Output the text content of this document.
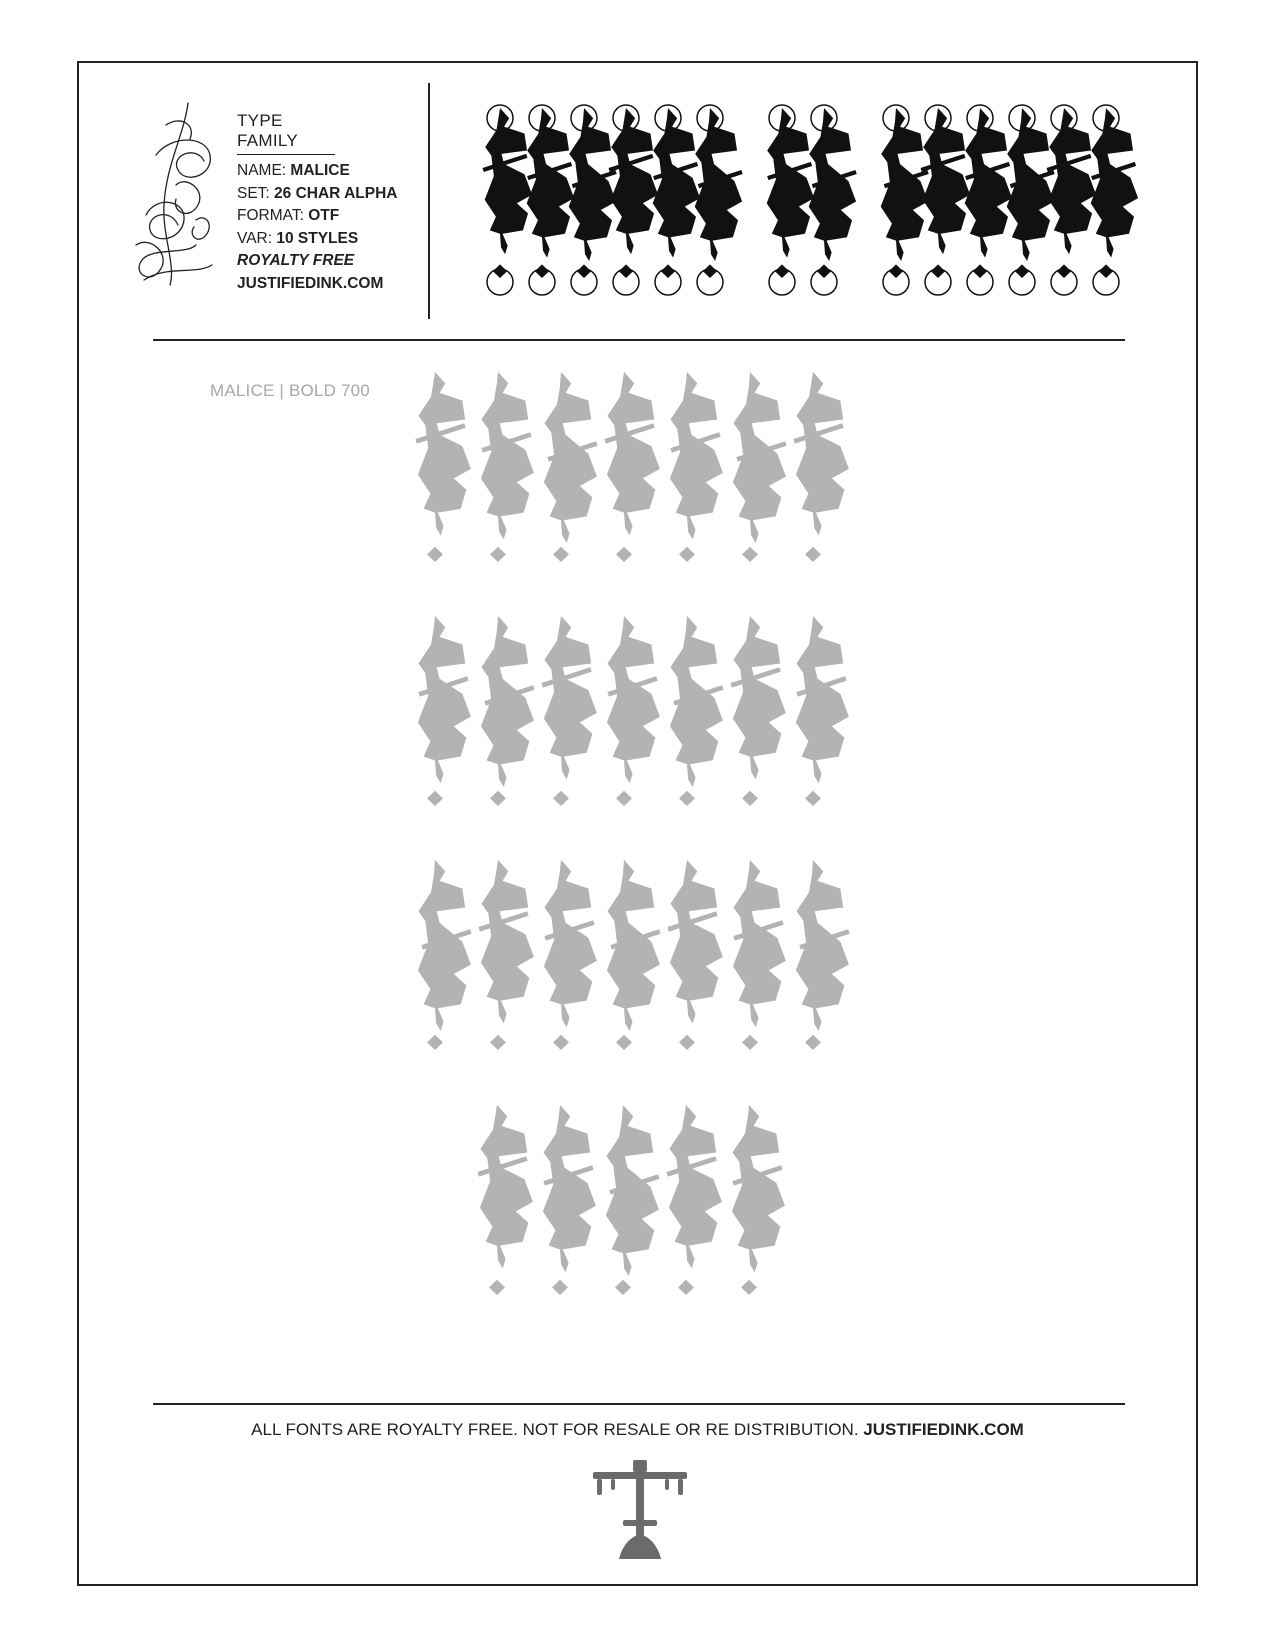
TYPE FAMILY
NAME: MALICE
SET: 26 CHAR ALPHA
FORMAT: OTF
VAR: 10 STYLES
ROYALTY FREE
JUSTIFIEDINK.COM
MALICE | BOLD 700
ALL FONTS ARE ROYALTY FREE. NOT FOR RESALE OR RE DISTRIBUTION. JUSTIFIEDINK.COM
